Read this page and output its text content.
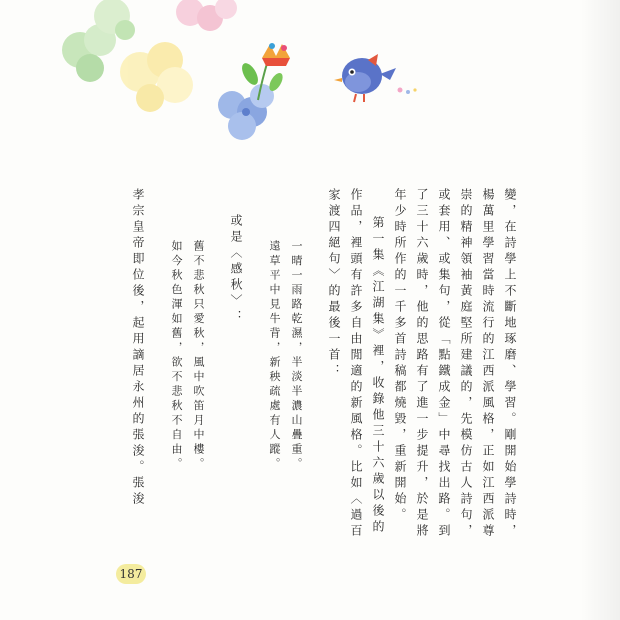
變，在詩學上不斷地琢磨、學習。剛開始學詩時，
楊萬里學習當時流行的江西派風格，正如江西派尊
崇的精神領袖黃庭堅所建議的，先模仿古人詩句，
或套用、或集句，從「點鐵成金」中尋找出路。到
了三十六歲時，他的思路有了進一步提升，於是將
年少時所作的一千多首詩稿都燒毀，重新開始。
第一集《江湖集》裡，收錄他三十六歲以後的
作品，裡頭有許多自由閒適的新風格。比如〈過百
家渡四絕句〉的最後一首：
一晴一雨路乾濕，半淡半濃山疊重。
遠草平中見牛背，新秧疏處有人蹤。
或是〈感秋〉：
舊不悲秋只愛秋，風中吹笛月中樓。
如今秋色渾如舊，欲不悲秋不自由。
孝宗皇帝即位後，起用謫居永州的張浚。張浚
187
